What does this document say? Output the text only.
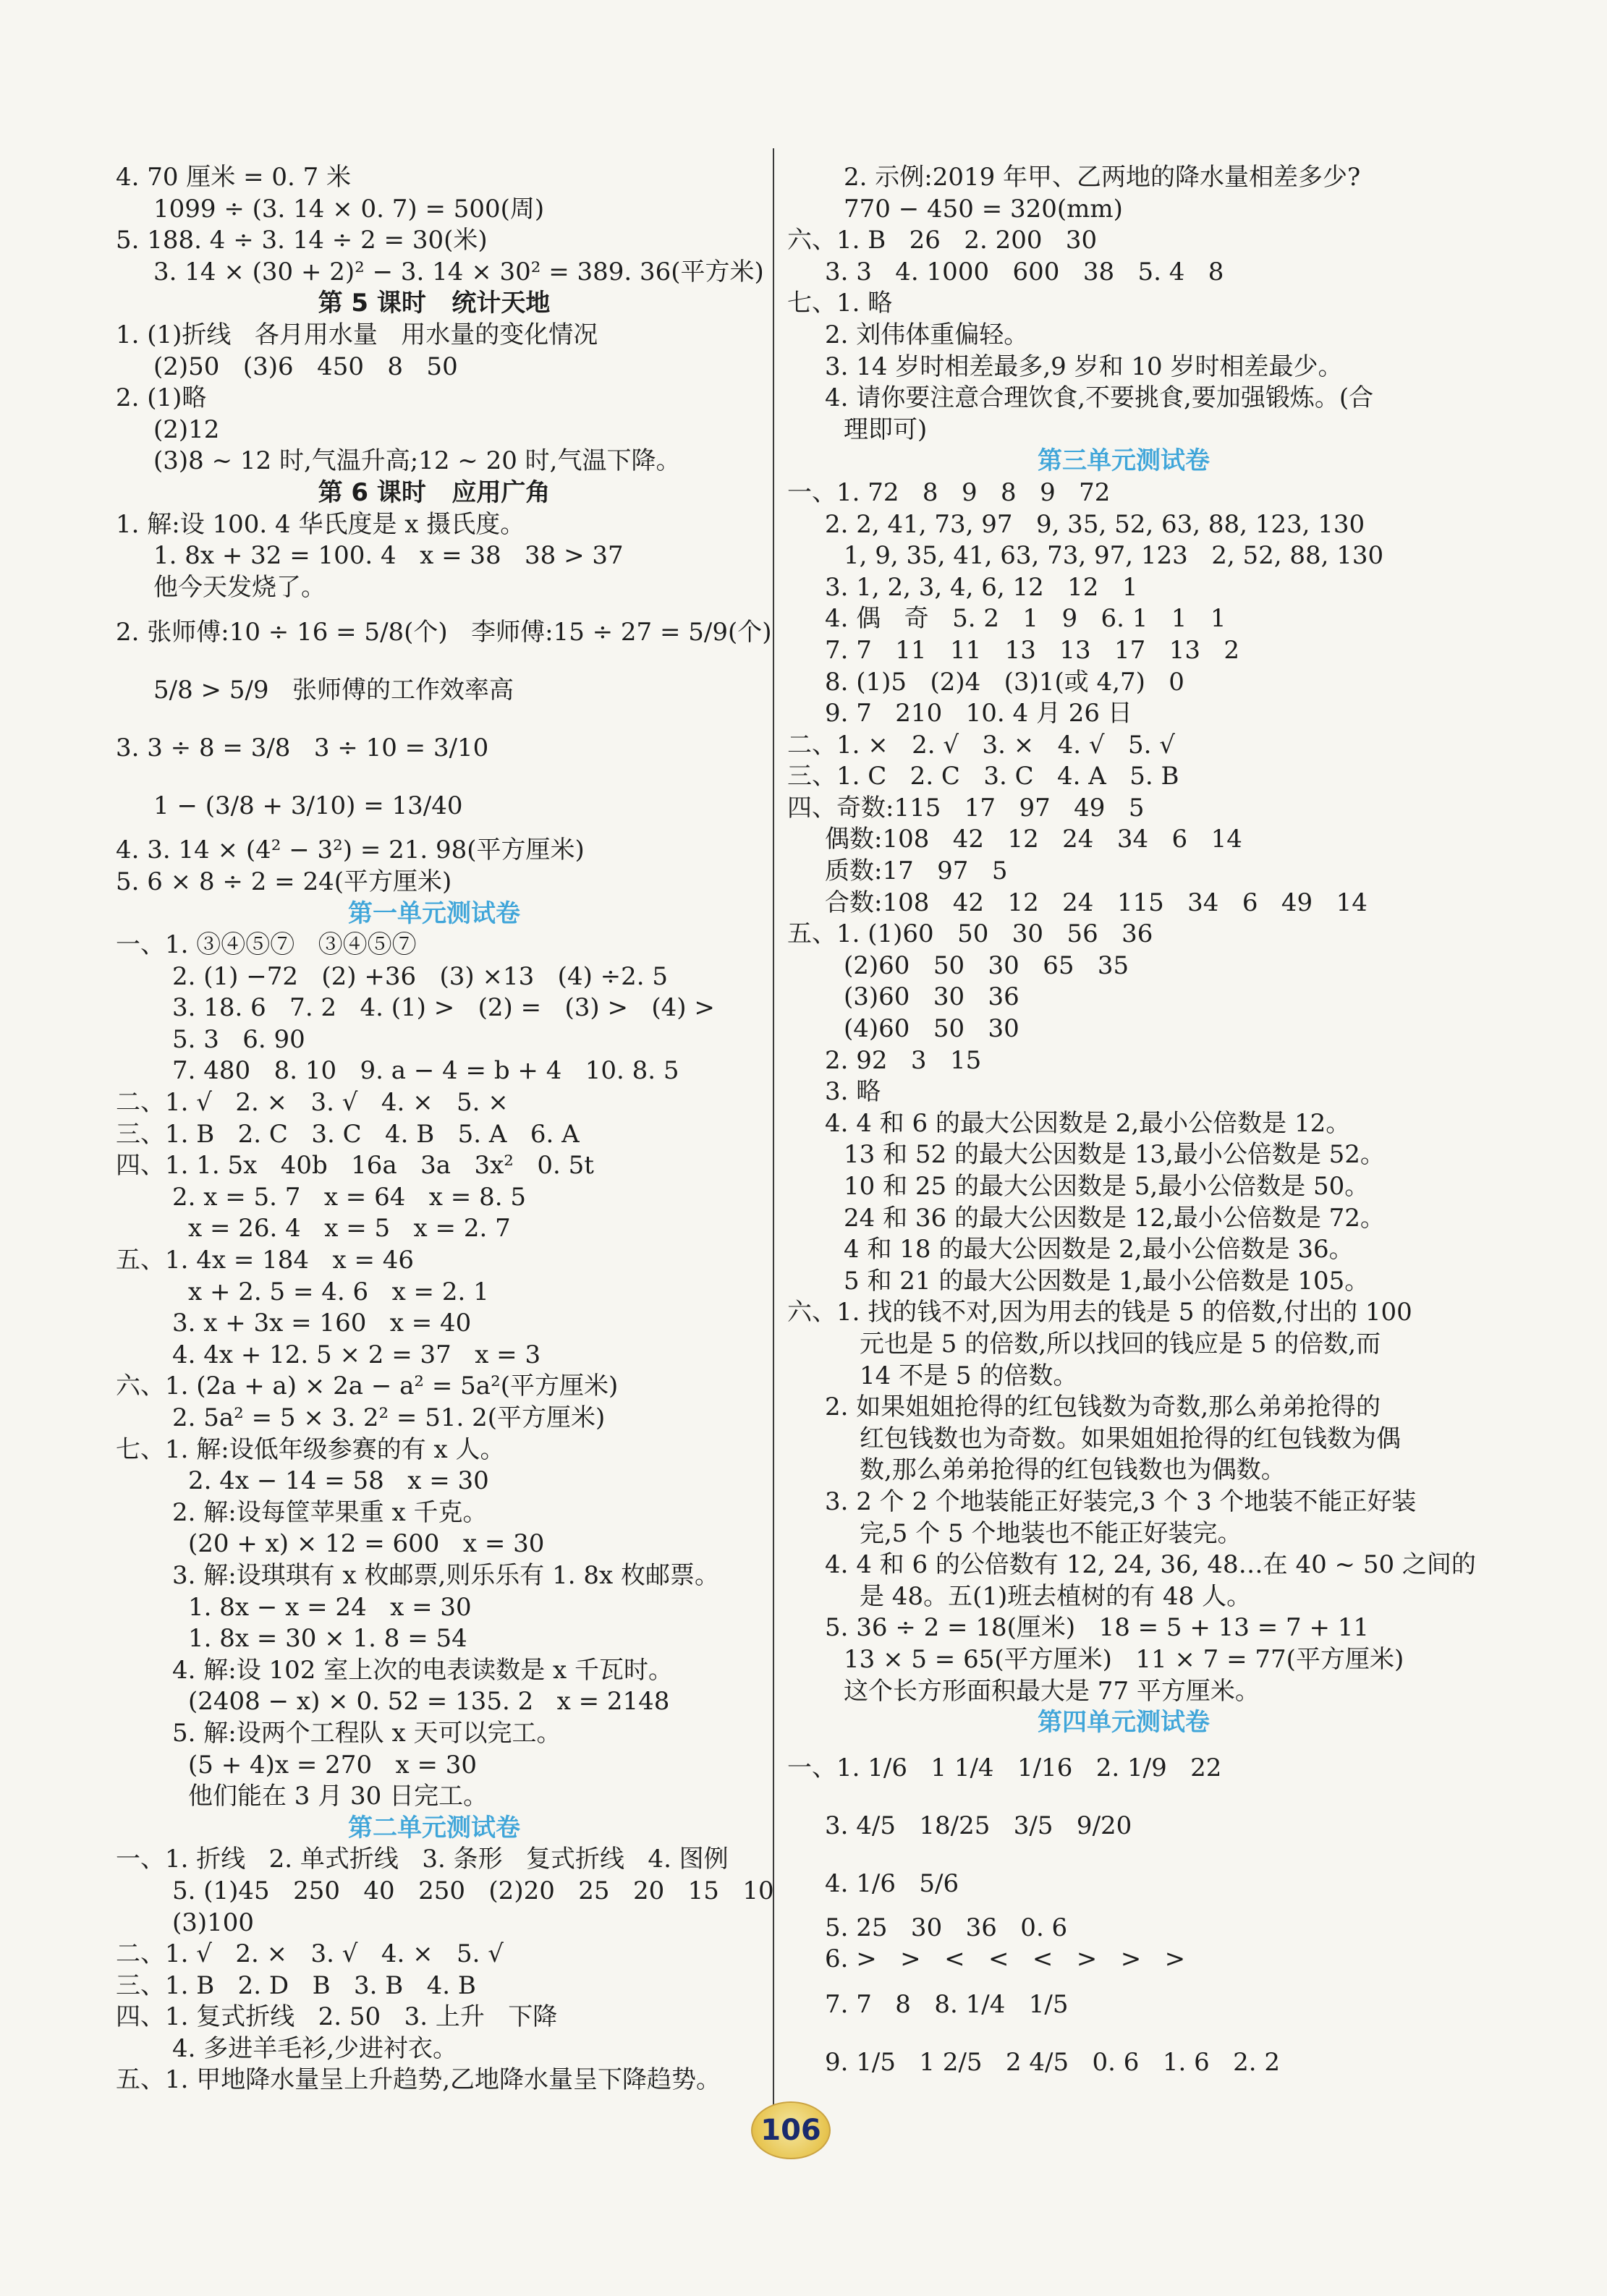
4. 70 厘米 = 0. 7 米

1099 ÷ (3. 14 × 0. 7) = 500(周)

5. 188. 4 ÷ 3. 14 ÷ 2 = 30(米)

3. 14 × (30 + 2)² − 3. 14 × 30² = 389. 36(平方米)

第 5 课时   统计天地

1. (1)折线   各月用水量   用水量的变化情况

(2)50   (3)6   450   8   50

2. (1)略

(2)12

(3)8 ~ 12 时,气温升高;12 ~ 20 时,气温下降。

第 6 课时   应用广角

1. 解:设 100. 4 华氏度是 x 摄氏度。

1. 8x + 32 = 100. 4   x = 38   38 > 37

他今天发烧了。

2. 张师傅:10 ÷ 16 = 5/8(个)   李师傅:15 ÷ 27 = 5/9(个)

5/8 > 5/9   张师傅的工作效率高

3. 3 ÷ 8 = 3/8   3 ÷ 10 = 3/10

1 − (3/8 + 3/10) = 13/40

4. 3. 14 × (4² − 3²) = 21. 98(平方厘米)

5. 6 × 8 ÷ 2 = 24(平方厘米)

第一单元测试卷

一、1. ③④⑤⑦   ③④⑤⑦

2. (1) −72   (2) +36   (3) ×13   (4) ÷2. 5

3. 18. 6   7. 2   4. (1) >   (2) =   (3) >   (4) >

5. 3   6. 90

7. 480   8. 10   9. a − 4 = b + 4   10. 8. 5

二、1. √   2. ×   3. √   4. ×   5. ×

三、1. B   2. C   3. C   4. B   5. A   6. A

四、1. 1. 5x   40b   16a   3a   3x²   0. 5t

2. x = 5. 7   x = 64   x = 8. 5

x = 26. 4   x = 5   x = 2. 7

五、1. 4x = 184   x = 46

x + 2. 5 = 4. 6   x = 2. 1

3. x + 3x = 160   x = 40

4. 4x + 12. 5 × 2 = 37   x = 3

六、1. (2a + a) × 2a − a² = 5a²(平方厘米)

2. 5a² = 5 × 3. 2² = 51. 2(平方厘米)

七、1. 解:设低年级参赛的有 x 人。

2. 4x − 14 = 58   x = 30

2. 解:设每筐苹果重 x 千克。

(20 + x) × 12 = 600   x = 30

3. 解:设琪琪有 x 枚邮票,则乐乐有 1. 8x 枚邮票。

1. 8x − x = 24   x = 30

1. 8x = 30 × 1. 8 = 54

4. 解:设 102 室上次的电表读数是 x 千瓦时。

(2408 − x) × 0. 52 = 135. 2   x = 2148

5. 解:设两个工程队 x 天可以完工。

(5 + 4)x = 270   x = 30

他们能在 3 月 30 日完工。

第二单元测试卷

一、1. 折线   2. 单式折线   3. 条形   复式折线   4. 图例

5. (1)45   250   40   250   (2)20   25   20   15   10

(3)100

二、1. √   2. ×   3. √   4. ×   5. √

三、1. B   2. D   B   3. B   4. B

四、1. 复式折线   2. 50   3. 上升   下降

4. 多进羊毛衫,少进衬衣。

五、1. 甲地降水量呈上升趋势,乙地降水量呈下降趋势。

2. 示例:2019 年甲、乙两地的降水量相差多少?

770 − 450 = 320(mm)

六、1. B   26   2. 200   30

3. 3   4. 1000   600   38   5. 4   8

七、1. 略

2. 刘伟体重偏轻。

3. 14 岁时相差最多,9 岁和 10 岁时相差最少。

4. 请你要注意合理饮食,不要挑食,要加强锻炼。(合

理即可)

第三单元测试卷

一、1. 72   8   9   8   9   72

2. 2, 41, 73, 97   9, 35, 52, 63, 88, 123, 130

1, 9, 35, 41, 63, 73, 97, 123   2, 52, 88, 130

3. 1, 2, 3, 4, 6, 12   12   1

4. 偶   奇   5. 2   1   9   6. 1   1   1

7. 7   11   11   13   13   17   13   2

8. (1)5   (2)4   (3)1(或 4,7)   0

9. 7   210   10. 4 月 26 日

二、1. ×   2. √   3. ×   4. √   5. √

三、1. C   2. C   3. C   4. A   5. B

四、奇数:115   17   97   49   5

偶数:108   42   12   24   34   6   14

质数:17   97   5

合数:108   42   12   24   115   34   6   49   14

五、1. (1)60   50   30   56   36

(2)60   50   30   65   35

(3)60   30   36

(4)60   50   30

2. 92   3   15

3. 略

4. 4 和 6 的最大公因数是 2,最小公倍数是 12。

13 和 52 的最大公因数是 13,最小公倍数是 52。

10 和 25 的最大公因数是 5,最小公倍数是 50。

24 和 36 的最大公因数是 12,最小公倍数是 72。

4 和 18 的最大公因数是 2,最小公倍数是 36。

5 和 21 的最大公因数是 1,最小公倍数是 105。

六、1. 找的钱不对,因为用去的钱是 5 的倍数,付出的 100

元也是 5 的倍数,所以找回的钱应是 5 的倍数,而

14 不是 5 的倍数。

2. 如果姐姐抢得的红包钱数为奇数,那么弟弟抢得的

红包钱数也为奇数。如果姐姐抢得的红包钱数为偶

数,那么弟弟抢得的红包钱数也为偶数。

3. 2 个 2 个地装能正好装完,3 个 3 个地装不能正好装

完,5 个 5 个地装也不能正好装完。

4. 4 和 6 的公倍数有 12, 24, 36, 48…在 40 ~ 50 之间的

是 48。五(1)班去植树的有 48 人。

5. 36 ÷ 2 = 18(厘米)   18 = 5 + 13 = 7 + 11

13 × 5 = 65(平方厘米)   11 × 7 = 77(平方厘米)

这个长方形面积最大是 77 平方厘米。

第四单元测试卷

一、1. 1/6   1 1/4   1/16   2. 1/9   22

3. 4/5   18/25   3/5   9/20

4. 1/6   5/6

5. 25   30   36   0. 6

6. >   >   <   <   <   >   >   >

7. 7   8   8. 1/4   1/5

9. 1/5   1 2/5   2 4/5   0. 6   1. 6   2. 2

106
